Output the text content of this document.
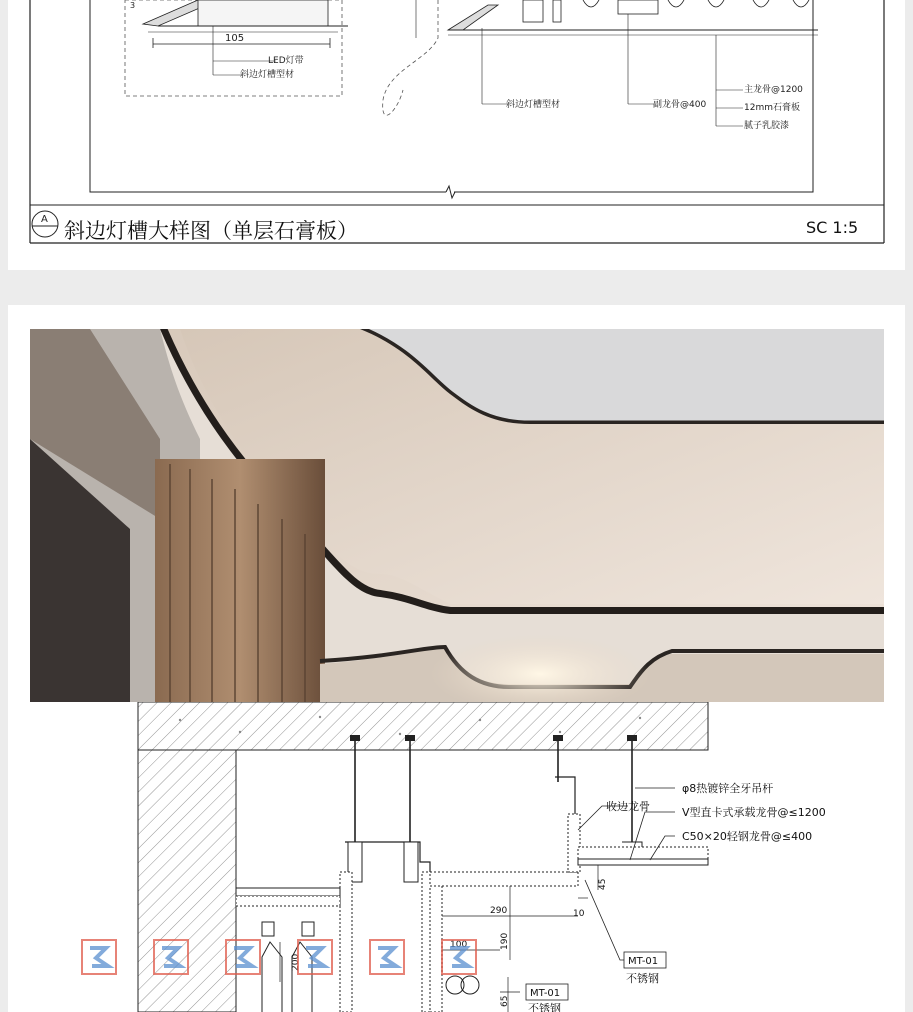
105
3
LED灯带
斜边灯槽型材
斜边灯槽型材	副龙骨@400
主龙骨@1200
12mm石膏板
腻子乳胶漆
A 斜边灯槽大样图（单层石膏板）	SC 1:5
φ8热镀锌全牙吊杆
收边龙骨	V型直卡式承载龙骨@≤1200
C50×20轻钢龙骨@≤400
290	10
45
190
100
200
65
MT-01
不锈钢
MT-01
不锈钢
